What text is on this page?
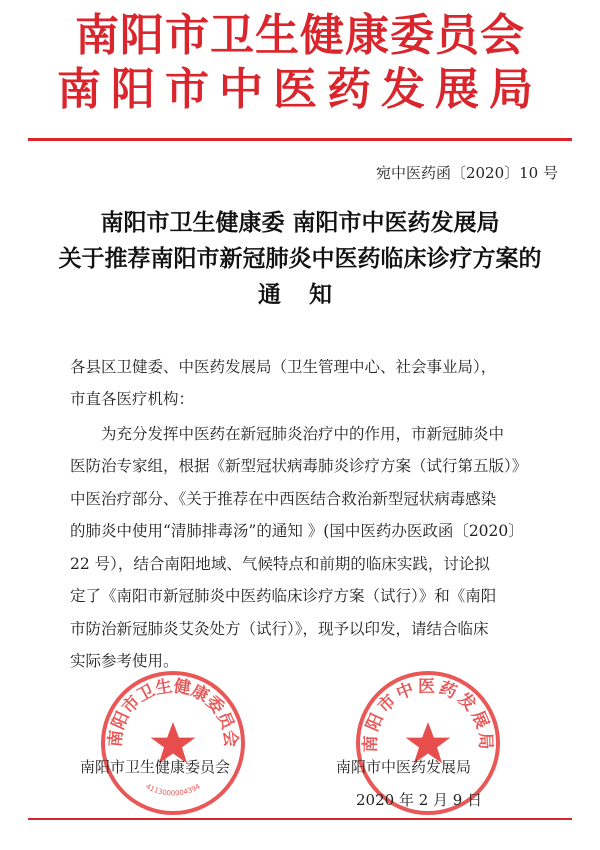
南阳市卫生健康委员会
南阳市中医药发展局
宛中医药函〔2020〕10 号
南阳市卫生健康委 南阳市中医药发展局
关于推荐南阳市新冠肺炎中医药临床诊疗方案的
通 知
各县区卫健委、中医药发展局（卫生管理中心、社会事业局），
市直各医疗机构：
为充分发挥中医药在新冠肺炎治疗中的作用，市新冠肺炎中
医防治专家组，根据《新型冠状病毒肺炎诊疗方案（试行第五版）》
中医治疗部分、《关于推荐在中西医结合救治新型冠状病毒感染
的肺炎中使用“清肺排毒汤”的通知 》(国中医药办医政函〔2020〕
22 号），结合南阳地域、气候特点和前期的临床实践，讨论拟
定了《南阳市新冠肺炎中医药临床诊疗方案（试行）》和《南阳
市防治新冠肺炎艾灸处方（试行）》，现予以印发，请结合临床
实际参考使用。
南阳市卫生健康委员会
4113000004394
南阳市中医药发展局
南阳市卫生健康委员会	南阳市中医药发展局
2020 年 2 月 9 日
